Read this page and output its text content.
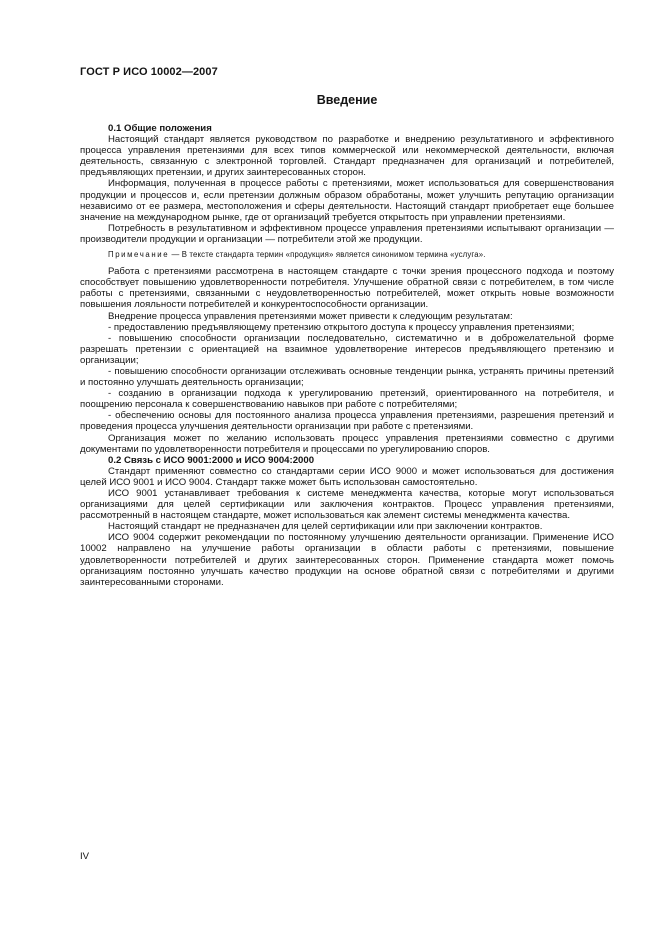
ГОСТ Р ИСО 10002—2007
Введение

0.1 Общие положения

Настоящий стандарт является руководством по разработке и внедрению результативного и эффективного процесса управления претензиями для всех типов коммерческой или некоммерческой деятельности, включая деятельность, связанную с электронной торговлей. Стандарт предназначен для организаций и потребителей, предъявляющих претензии, и других заинтересованных сторон.

Информация, полученная в процессе работы с претензиями, может использоваться для совершенствования продукции и процессов и, если претензии должным образом обработаны, может улучшить репутацию организации независимо от ее размера, местоположения и сферы деятельности. Настоящий стандарт приобретает еще большее значение на международном рынке, где от организаций требуется открытость при управлении претензиями.

Потребность в результативном и эффективном процессе управления претензиями испытывают организации — производители продукции и организации — потребители этой же продукции.

Примечание — В тексте стандарта термин «продукция» является синонимом термина «услуга».

Работа с претензиями рассмотрена в настоящем стандарте с точки зрения процессного подхода и поэтому способствует повышению удовлетворенности потребителя. Улучшение обратной связи с потребителем, в том числе работы с претензиями, связанными с неудовлетворенностью потребителей, может открыть новые возможности повышения лояльности потребителей и конкурентоспособности организации.

Внедрение процесса управления претензиями может привести к следующим результатам:

- предоставлению предъявляющему претензию открытого доступа к процессу управления претензиями;

- повышению способности организации последовательно, систематично и в доброжелательной форме разрешать претензии с ориентацией на взаимное удовлетворение интересов предъявляющего претензию и организации;

- повышению способности организации отслеживать основные тенденции рынка, устранять причины претензий и постоянно улучшать деятельность организации;

- созданию в организации подхода к урегулированию претензий, ориентированного на потребителя, и поощрению персонала к совершенствованию навыков при работе с потребителями;

- обеспечению основы для постоянного анализа процесса управления претензиями, разрешения претензий и проведения процесса улучшения деятельности организации при работе с претензиями.

Организация может по желанию использовать процесс управления претензиями совместно с другими документами по удовлетворенности потребителя и процессами по урегулированию споров.

0.2 Связь с ИСО 9001:2000 и ИСО 9004:2000

Стандарт применяют совместно со стандартами серии ИСО 9000 и может использоваться для достижения целей ИСО 9001 и ИСО 9004. Стандарт также может быть использован самостоятельно.

ИСО 9001 устанавливает требования к системе менеджмента качества, которые могут использоваться организациями для целей сертификации или заключения контрактов. Процесс управления претензиями, рассмотренный в настоящем стандарте, может использоваться как элемент системы менеджмента качества.

Настоящий стандарт не предназначен для целей сертификации или при заключении контрактов.

ИСО 9004 содержит рекомендации по постоянному улучшению деятельности организации. Применение ИСО 10002 направлено на улучшение работы организации в области работы с претензиями, повышение удовлетворенности потребителей и других заинтересованных сторон. Применение стандарта может помочь организациям постоянно улучшать качество продукции на основе обратной связи с потребителями и другими заинтересованными сторонами.

IV
